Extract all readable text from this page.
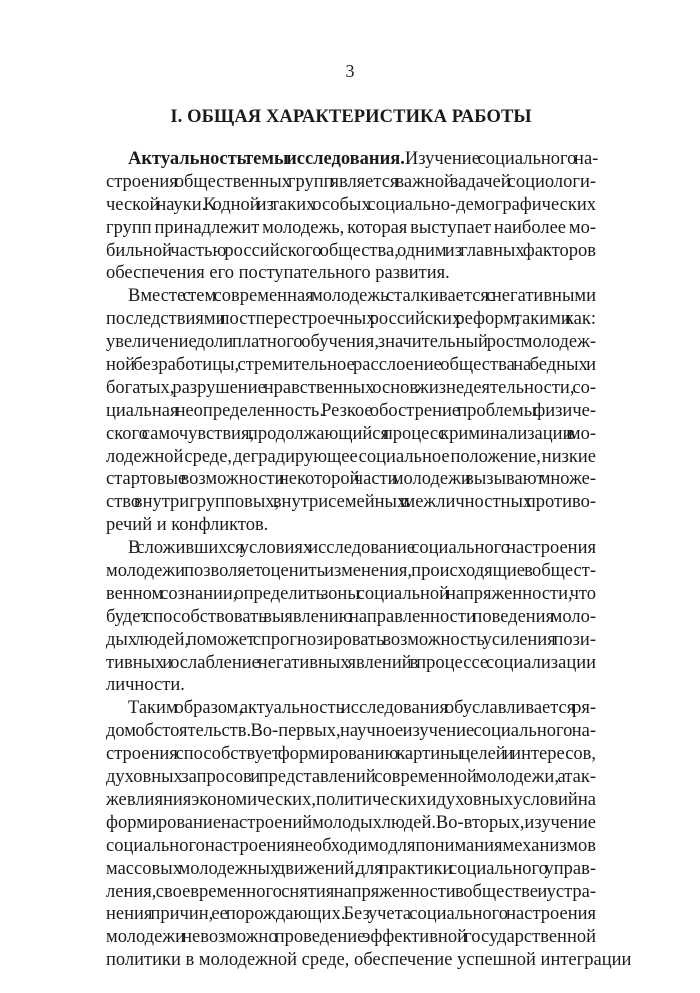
3
I. ОБЩАЯ ХАРАКТЕРИСТИКА РАБОТЫ
Актуальность темы исследования. Изучение социального на-
строения общественных групп является важной задачей социологи-
ческой науки. К одной из таких особых социально-демографических
групп принадлежит молодежь, которая выступает наиболее мо-
бильной частью российского общества, одним из главных факторов
обеспечения его поступательного развития.
Вместе с тем современная молодежь сталкивается с негативными
последствиями постперестроечных российских реформ, такими как:
увеличение доли платного обучения, значительный рост молодеж-
ной безработицы, стремительное расслоение общества на бедных и
богатых, разрушение нравственных основ жизнедеятельности, со-
циальная неопределенность. Резкое обострение проблемы физиче-
ского самочувствия, продолжающийся процесс криминализации в мо-
лодежной среде, деградирующее социальное положение, низкие
стартовые возможности некоторой части молодежи вызывают множе-
ство внутригрупповых, внутрисемейных и межличностных противо-
речий и конфликтов.
В сложившихся условиях исследование социального настроения
молодежи позволяет оценить изменения, происходящие в общест-
венном сознании, определить зоны социальной напряженности, что
будет способствовать выявлению направленности поведения моло-
дых людей, поможет спрогнозировать возможность усиления пози-
тивных и ослабление негативных явлений в процессе социализации
личности.
Таким образом, актуальность исследования обуславливается ря-
дом обстоятельств. Во-первых, научное изучение социального на-
строения способствует формированию картины целей и интересов,
духовных запросов и представлений современной молодежи, а так-
же влияния экономических, политических и духовных условий на
формирование настроений молодых людей. Во-вторых, изучение
социального настроения необходимо для понимания механизмов
массовых молодежных движений, для практики социального управ-
ления, своевременного снятия напряженности в обществе и устра-
нения причин, ее порождающих. Без учета социального настроения
молодежи невозможно проведение эффективной государственной
политики в молодежной среде, обеспечение успешной интеграции
